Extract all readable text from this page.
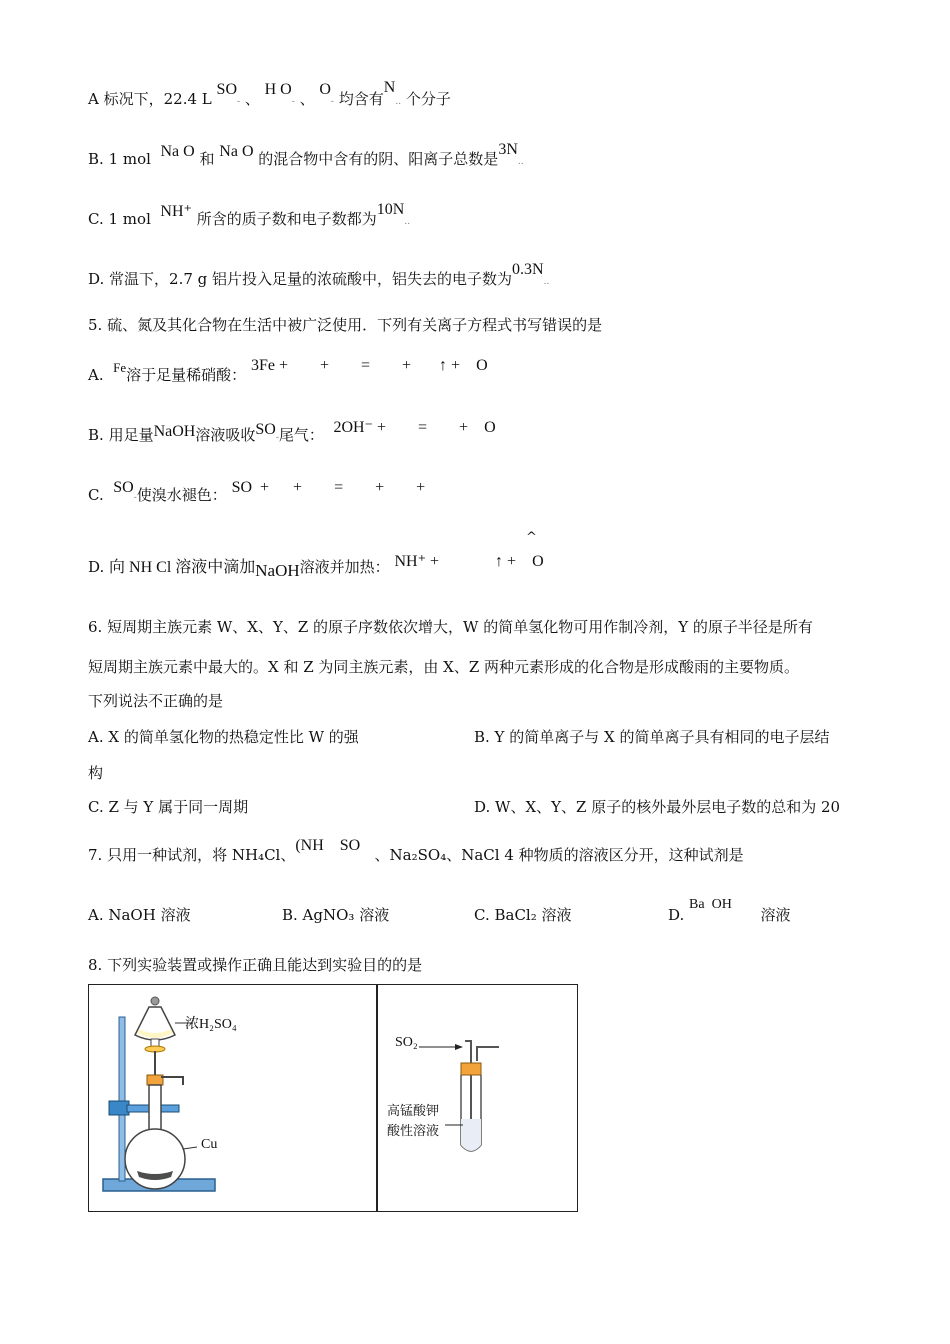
A 标况下，22.4 L SO- 、 H O- 、 O- 均含有N.. 个分子
B. 1 mol Na O 和 Na O 的混合物中含有的阴、阳离子总数是3N..
C. 1 mol NH⁺ 所含的质子数和电子数都为10N..
D. 常温下，2.7 g 铝片投入足量的浓硫酸中，铝失去的电子数为0.3N..
5. 硫、氮及其化合物在生活中被广泛使用．下列有关离子方程式书写错误的是
A. Fe溶于足量稀硝酸： 3Fe +        +        =        +       ↑ +    O
B. 用足量NaOH溶液吸收SO-尾气： 2OH⁻ +        =        +    O
C. SO-使溴水褪色： SO  +      +        =        +        +
D. 向 NH Cl 溶液中滴加NaOH溶液并加热： NH⁺ +              ↑ +    O
^
6. 短周期主族元素 W、X、Y、Z 的原子序数依次增大，W 的简单氢化物可用作制冷剂，Y 的原子半径是所有
短周期主族元素中最大的。X 和 Z 为同主族元素，由 X、Z 两种元素形成的化合物是形成酸雨的主要物质。
下列说法不正确的是
A. X 的简单氢化物的热稳定性比 W 的强	B. Y 的简单离子与 X 的简单离子具有相同的电子层结
构
C. Z 与 Y 属于同一周期	D. W、X、Y、Z 原子的核外最外层电子数的总和为 20
7. 只用一种试剂，将 NH₄Cl、(NH    SO   、Na₂SO₄、NaCl 4 种物质的溶液区分开，这种试剂是
A. NaOH 溶液	B. AgNO₃ 溶液	C. BaCl₂ 溶液	D. Ba  OH      溶液
8. 下列实验装置或操作正确且能达到实验目的的是
浓H₂SO₄
Cu
SO₂
高锰酸钾
酸性溶液
